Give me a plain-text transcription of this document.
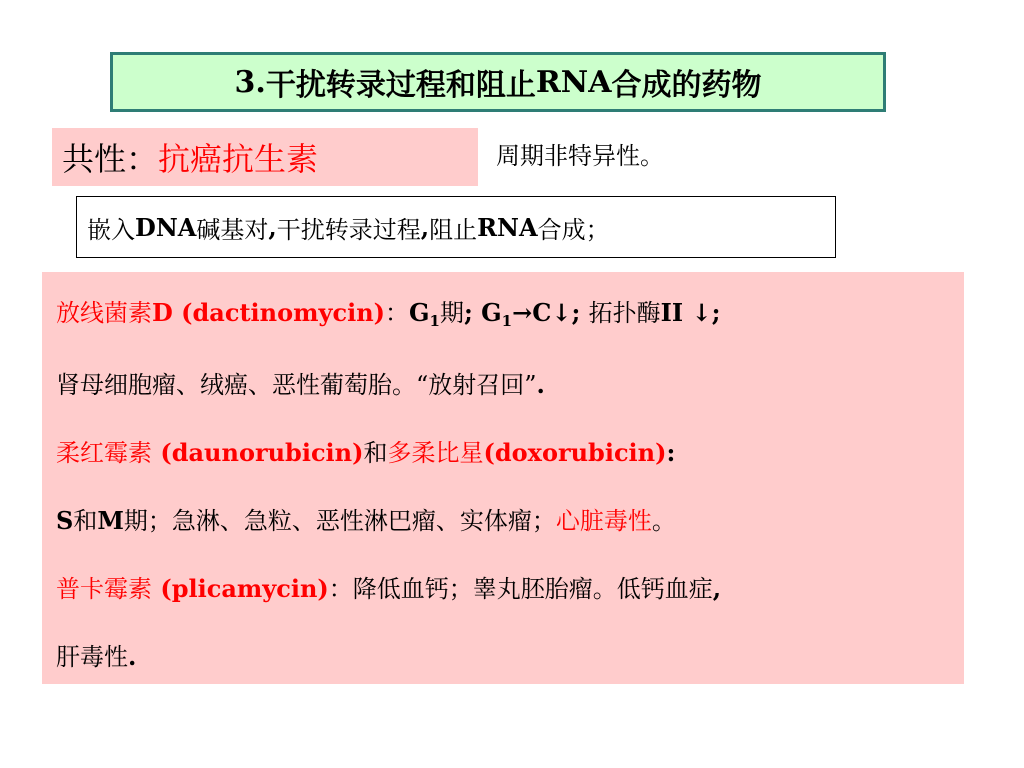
3. 干扰转录过程和阻止 RNA 合成的药物
共性： 抗癌抗生素	周期非特异性。
嵌入 DNA 碱基对 , 干扰转录过程 , 阻止 RNA 合成；
放线菌素D (dactinomycin)：$G_1$期; $G_1\to C↓$; 拓扑酶II ↓;
肾母细胞瘤、绒癌、恶性葡萄胎。“放射召回”.
柔红霉素 (daunorubicin)和多柔比星(doxorubicin):
S和M期；急淋、急粒、恶性淋巴瘤、实体瘤；心脏毒性。
普卡霉素 (plicamycin)：降低血钙；睾丸胚胎瘤。低钙血症,
肝毒性.
